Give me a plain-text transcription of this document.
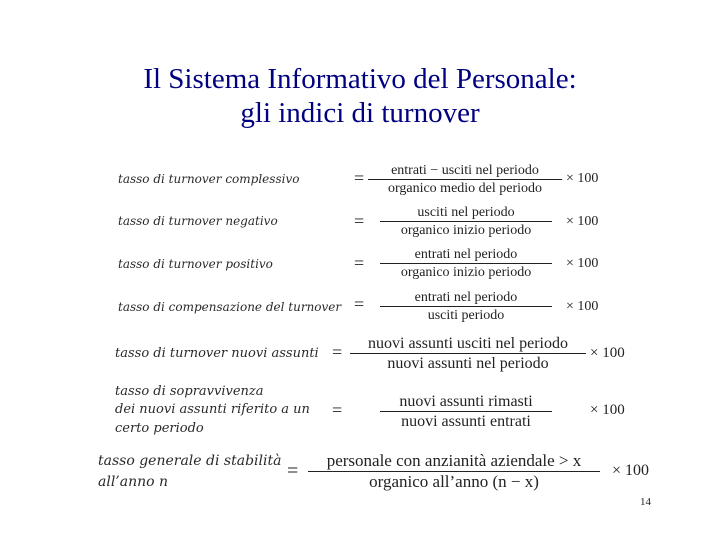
Il Sistema Informativo del Personale:
gli indici di turnover
tasso di turnover complessivo	=	entrati − usciti nel periodo
organico medio del periodo
× 100
tasso di turnover negativo	=	usciti nel periodo
organico inizio periodo
× 100
tasso di turnover positivo	=	entrati nel periodo
organico inizio periodo
× 100
tasso di compensazione del turnover =	entrati nel periodo
usciti periodo
× 100
tasso di turnover nuovi assunti =	nuovi assunti usciti nel periodo
nuovi assunti nel periodo
× 100
tasso di sopravvivenza
dei nuovi assunti riferito a un
certo periodo
=	nuovi assunti rimasti
nuovi assunti entrati
× 100
tasso generale di stabilità
all’anno n	=	personale con anzianità aziendale > x
organico all’anno (n − x)
× 100
14
